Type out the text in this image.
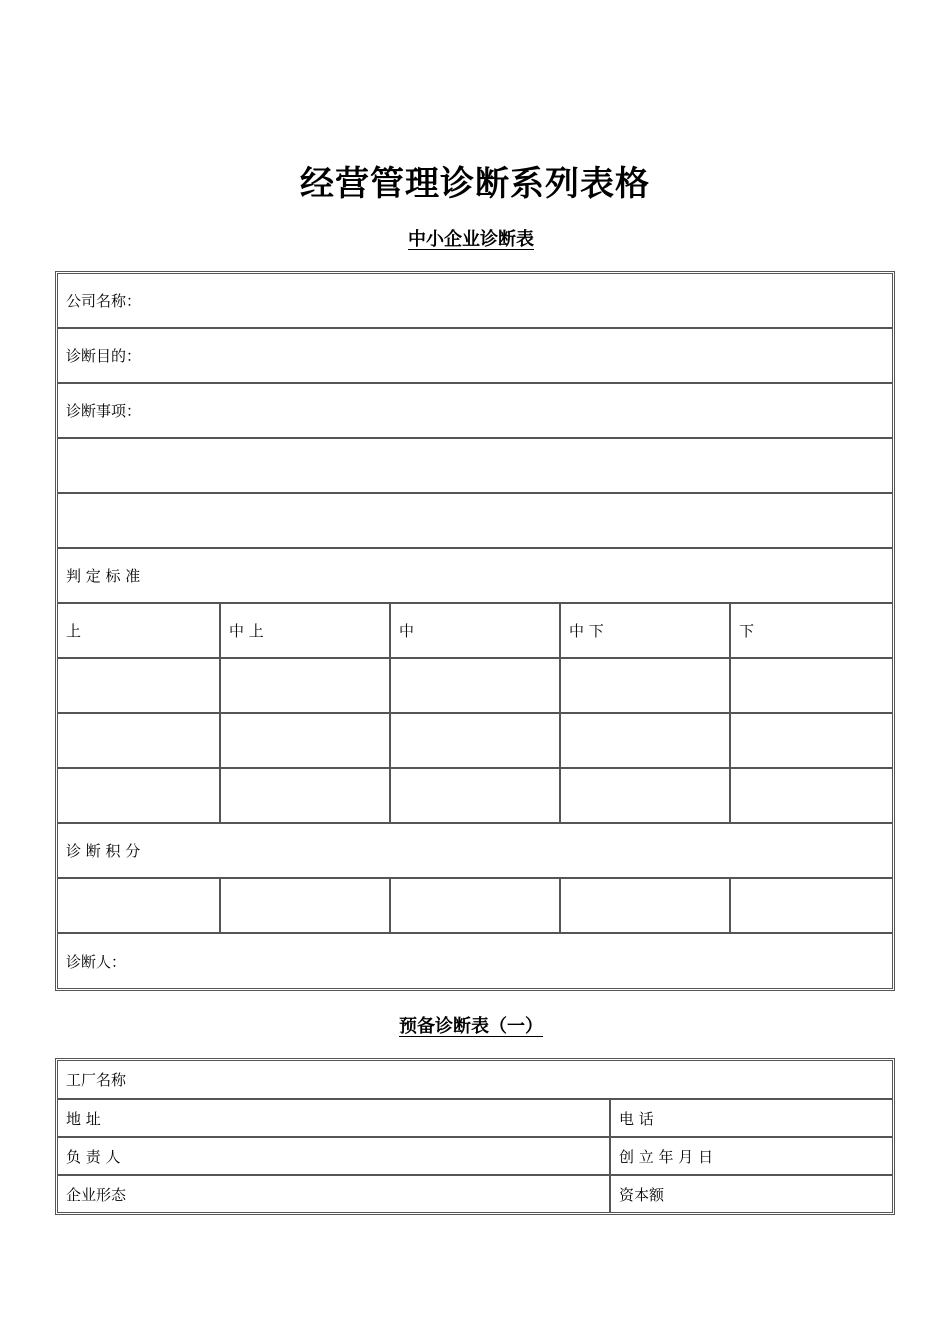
经营管理诊断系列表格
中小企业诊断表
公司名称：
诊断目的：
诊断事项：
判 定 标 准
上	中 上	中	中 下	下
诊 断 积 分
诊断人：
预备诊断表（一）
工厂名称
地 址	电 话
负 责 人	创 立 年 月 日
企业形态	资本额
